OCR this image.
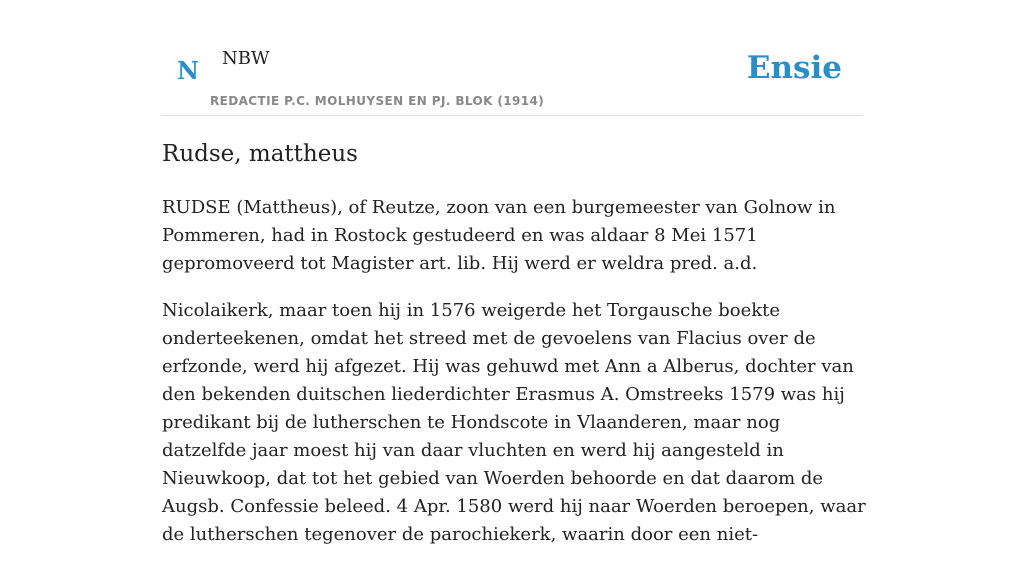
N NBW
REDACTIE P.C. MOLHUYSEN EN PJ. BLOK (1914)
Ensie
Rudse, mattheus

RUDSE (Mattheus), of Reutze, zoon van een burgemeester van Golnow in Pommeren, had in Rostock gestudeerd en was aldaar 8 Mei 1571 gepromoveerd tot Magister art. lib. Hij werd er weldra pred. a.d.

Nicolaikerk, maar toen hij in 1576 weigerde het Torgausche boekte onderteekenen, omdat het streed met de gevoelens van Flacius over de erfzonde, werd hij afgezet. Hij was gehuwd met Ann a Alberus, dochter van den bekenden duitschen liederdichter Erasmus A. Omstreeks 1579 was hij predikant bij de lutherschen te Hondscote in Vlaanderen, maar nog datzelfde jaar moest hij van daar vluchten en werd hij aangesteld in Nieuwkoop, dat tot het gebied van Woerden behoorde en dat daarom de Augsb. Confessie beleed. 4 Apr. 1580 werd hij naar Woerden beroepen, waar de lutherschen tegenover de parochiekerk, waarin door een niet-
